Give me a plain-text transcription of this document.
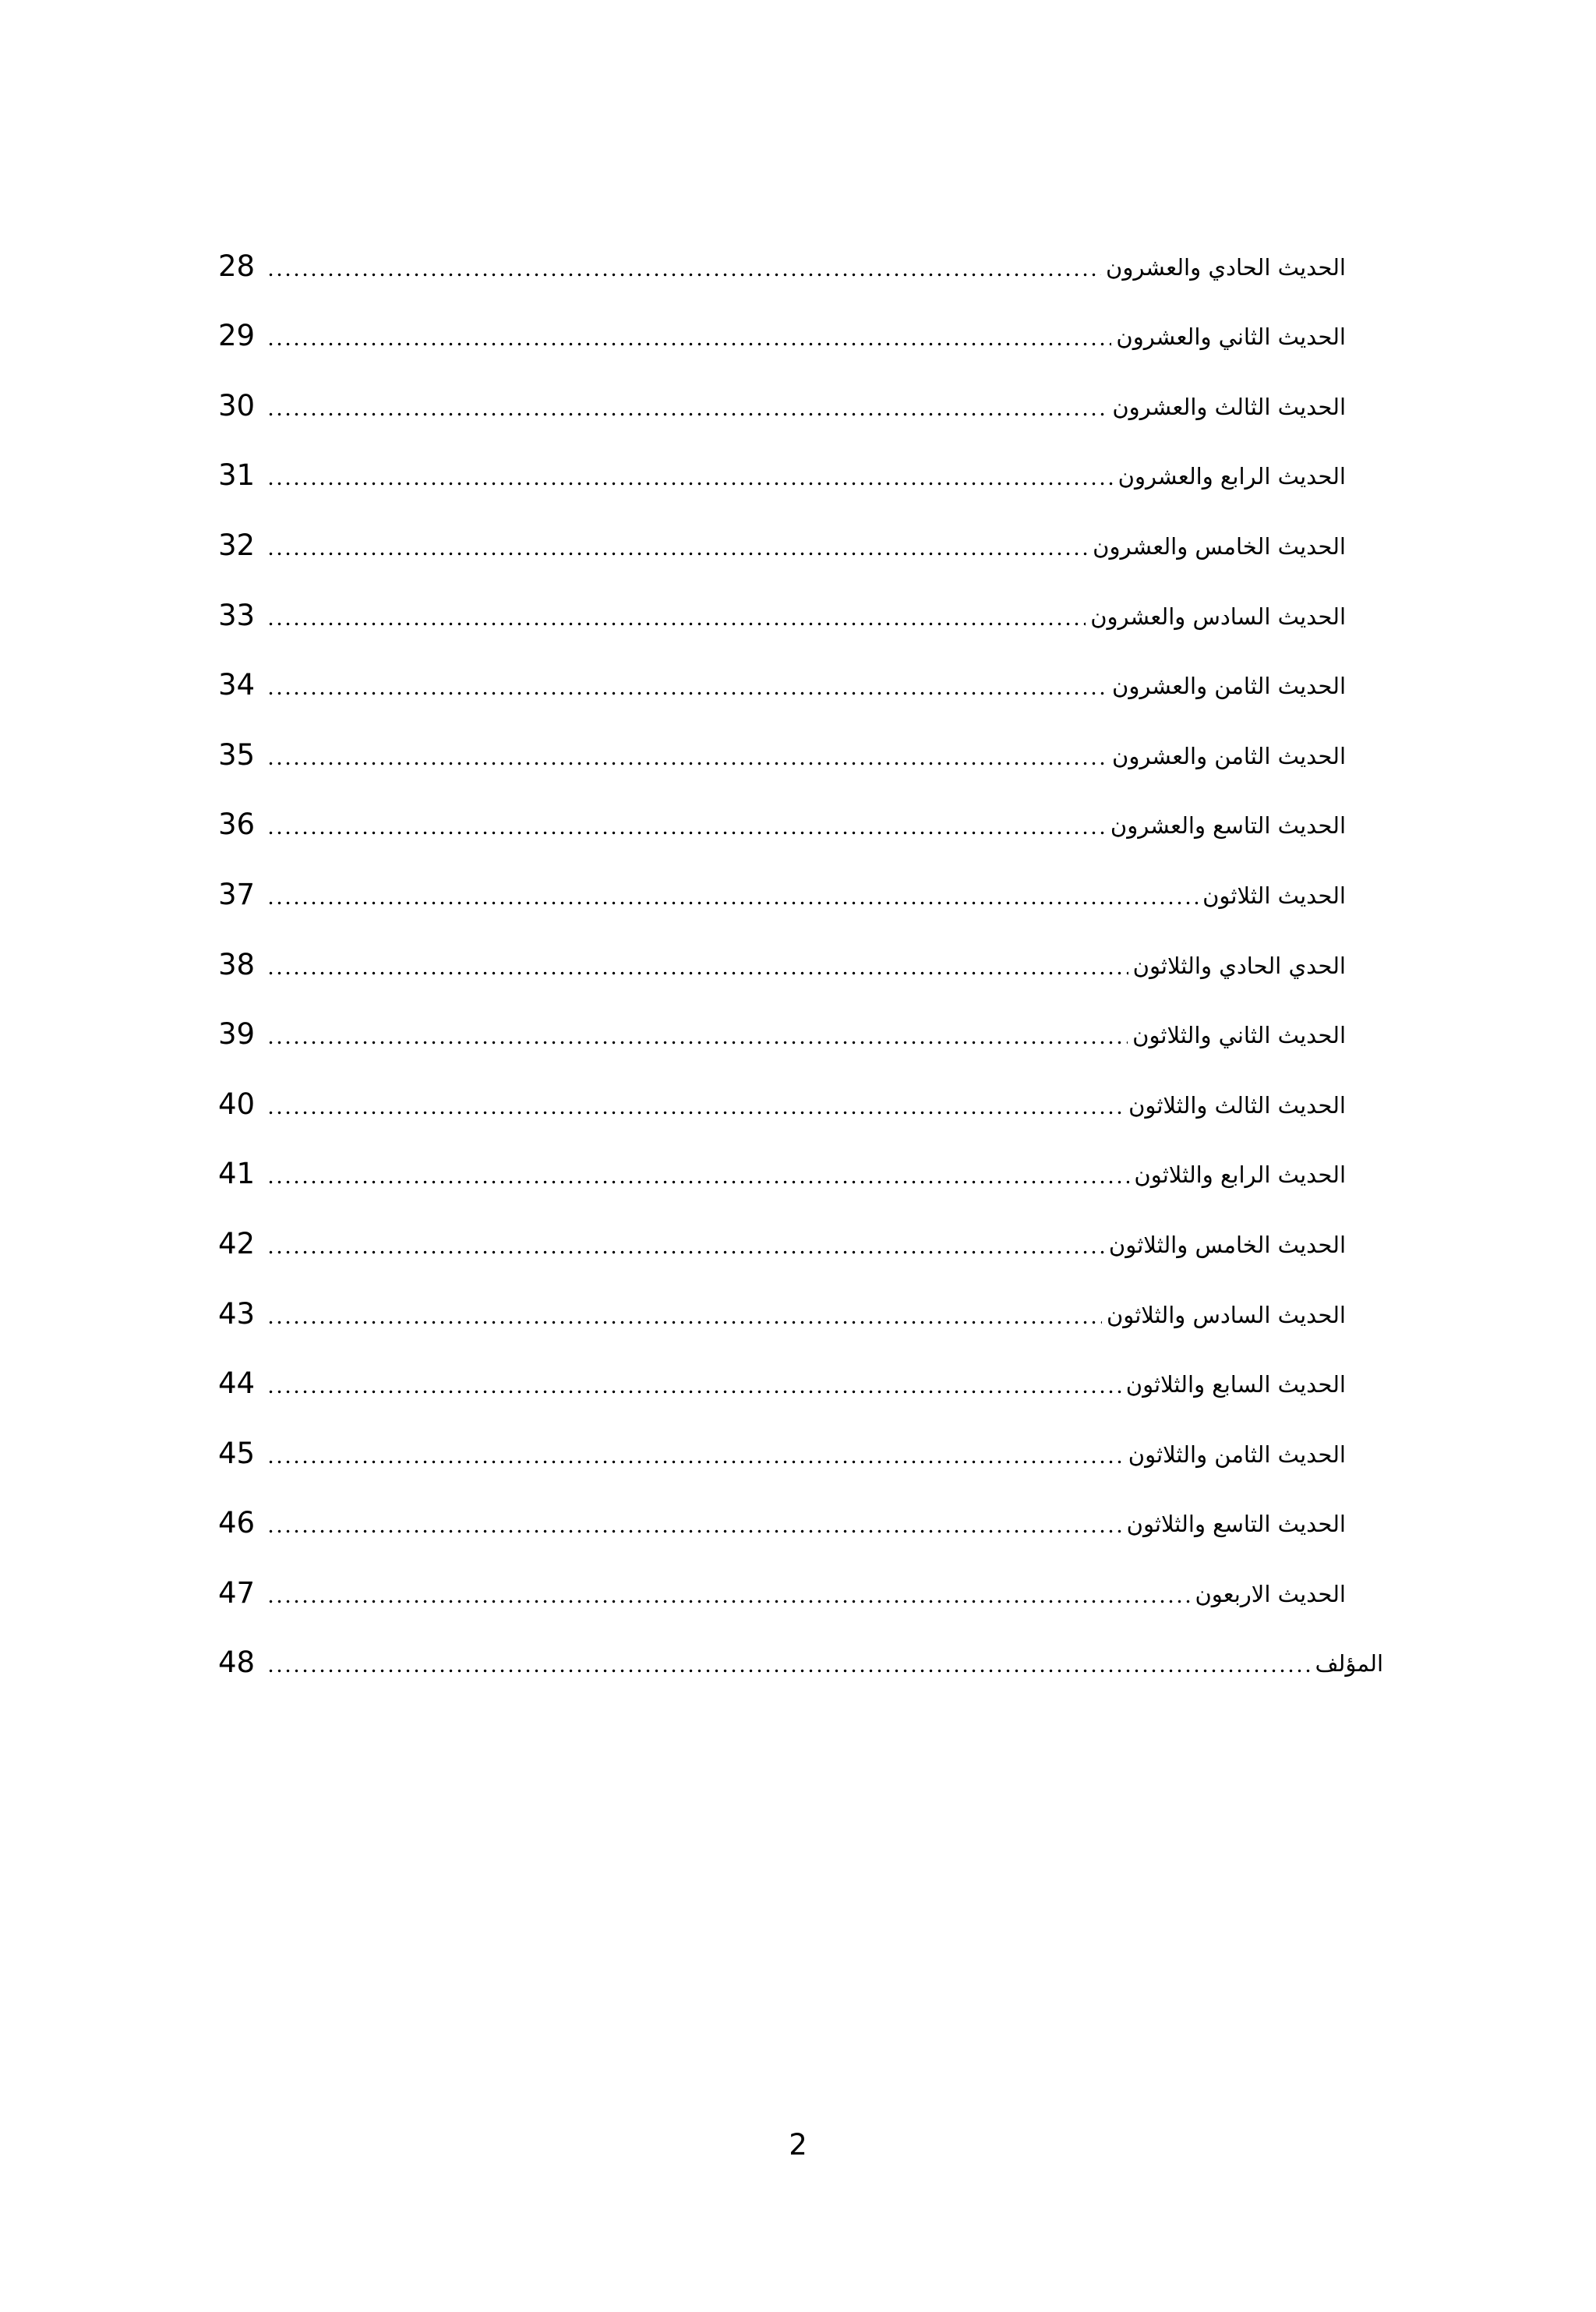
الحديث الحادي والعشرون
28
الحديث الثاني والعشرون
29
الحديث الثالث والعشرون
30
الحديث الرابع والعشرون
31
الحديث الخامس والعشرون
32
الحديث السادس والعشرون
33
الحديث الثامن والعشرون
34
الحديث الثامن والعشرون
35
الحديث التاسع والعشرون
36
الحديث الثلاثون
37
الحدي الحادي والثلاثون
38
الحديث الثاني والثلاثون
39
الحديث الثالث والثلاثون
40
الحديث الرابع والثلاثون
41
الحديث الخامس والثلاثون
42
الحديث السادس والثلاثون
43
الحديث السابع والثلاثون
44
الحديث الثامن والثلاثون
45
الحديث التاسع والثلاثون
46
الحديث الاربعون
47
المؤلف
48
2
